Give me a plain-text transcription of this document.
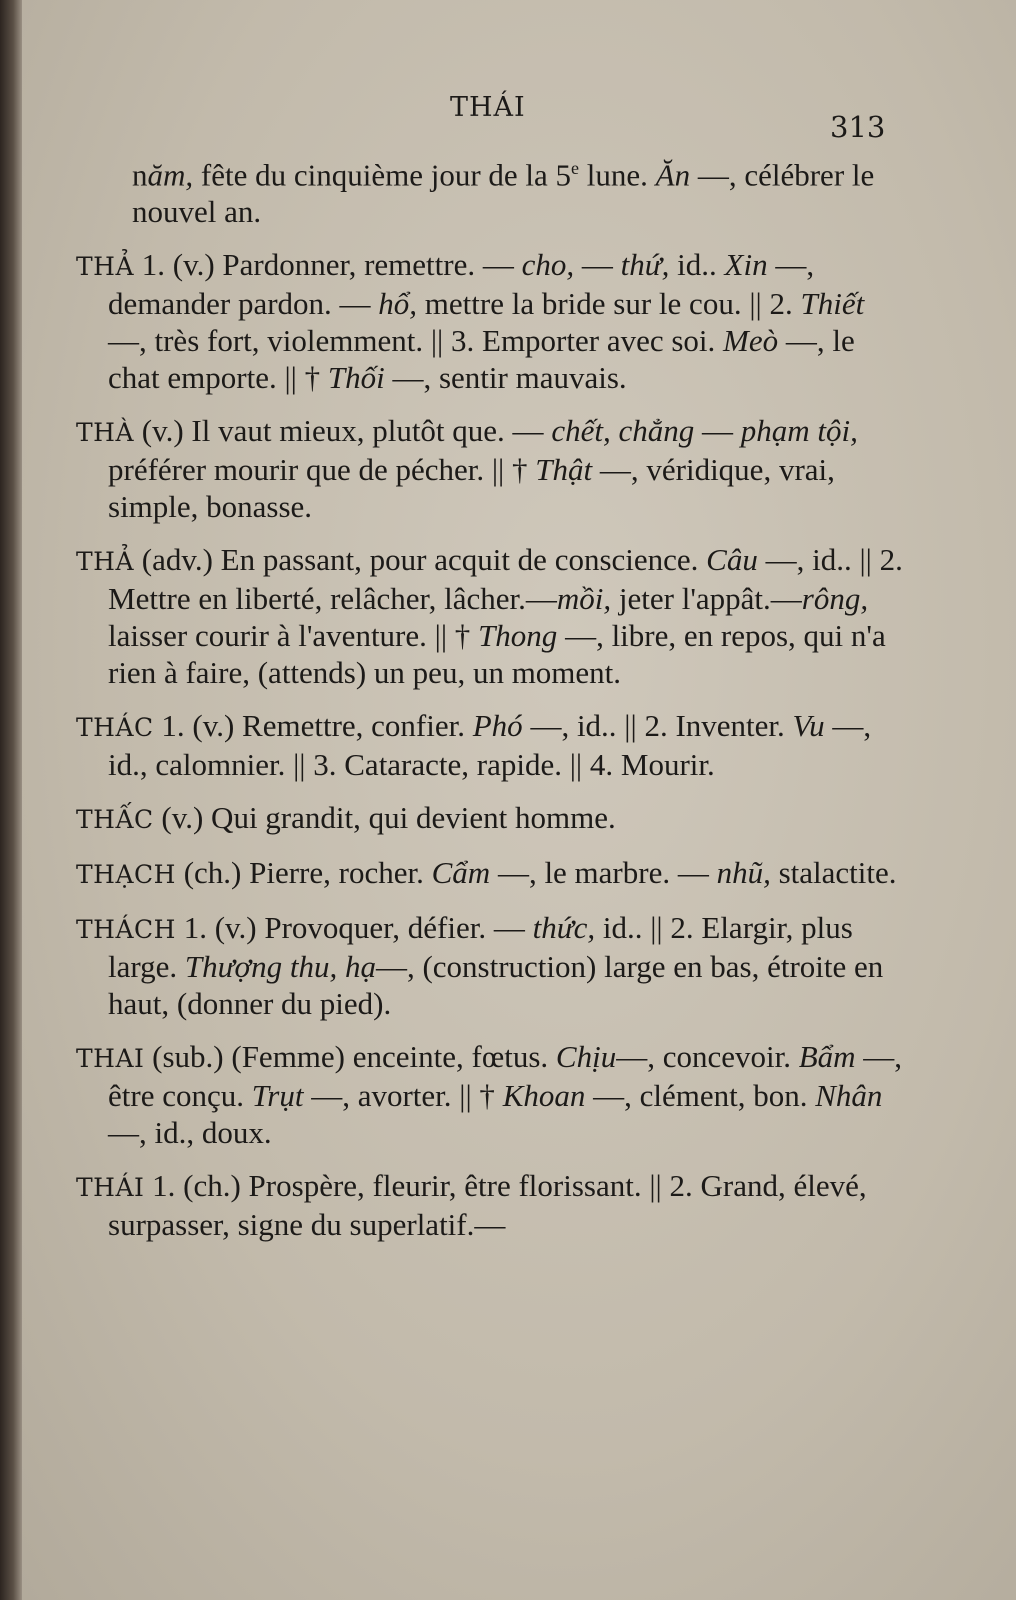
THÁI
313
năm, fête du cinquième jour de la 5e lune. Ăn —, célébrer le nouvel an.
THẢ 1. (v.) Pardonner, remettre. — cho, — thứ, id.. Xin —, demander pardon. — hổ, mettre la bride sur le cou. || 2. Thiết —, très fort, violemment. || 3. Emporter avec soi. Meò —, le chat emporte. || † Thối —, sentir mauvais.
THÀ (v.) Il vaut mieux, plutôt que. — chết, chẳng — phạm tội, préférer mourir que de pécher. || † Thật —, véridique, vrai, simple, bonasse.
THẢ (adv.) En passant, pour acquit de conscience. Câu —, id.. || 2. Mettre en liberté, relâcher, lâcher.—mồi, jeter l'appât.—rông, laisser courir à l'aventure. || † Thong —, libre, en repos, qui n'a rien à faire, (attends) un peu, un moment.
THÁC 1. (v.) Remettre, confier. Phó —, id.. || 2. Inventer. Vu —, id., calomnier. || 3. Cataracte, rapide. || 4. Mourir.
THẤC (v.) Qui grandit, qui devient homme.
THẠCH (ch.) Pierre, rocher. Cẩm —, le marbre. — nhũ, stalactite.
THÁCH 1. (v.) Provoquer, défier. — thức, id.. || 2. Elargir, plus large. Thượng thu, hạ—, (construction) large en bas, étroite en haut, (donner du pied).
THAI (sub.) (Femme) enceinte, fœtus. Chịu—, concevoir. Bẩm —, être conçu. Trụt —, avorter. || † Khoan —, clément, bon. Nhân —, id., doux.
THÁI 1. (ch.) Prospère, fleurir, être florissant. || 2. Grand, élevé, surpasser, signe du superlatif.—
